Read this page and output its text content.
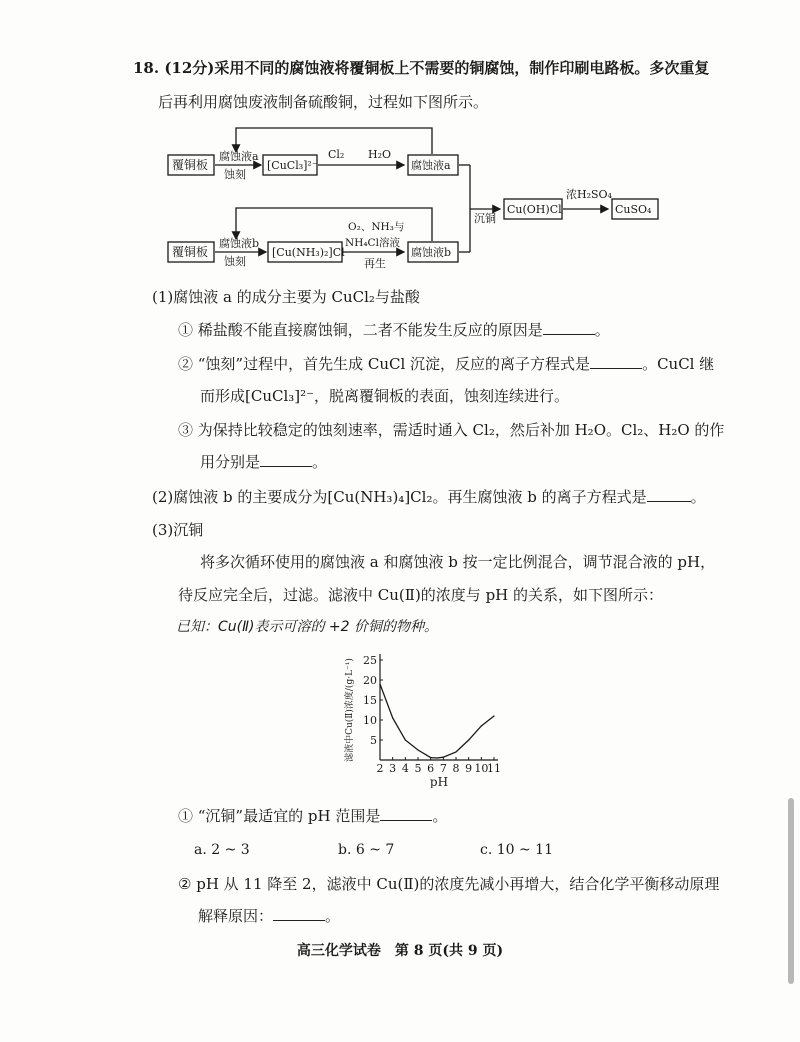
18. (12分)采用不同的腐蚀液将覆铜板上不需要的铜腐蚀，制作印刷电路板。多次重复
后再利用腐蚀废液制备硫酸铜，过程如下图所示。
覆铜板
腐蚀液a
蚀刻
[CuCl₃]²⁻
Cl₂ H₂O
腐蚀液a
沉铜
Cu(OH)Cl
浓H₂SO₄
CuSO₄
覆铜板
腐蚀液b
蚀刻
[Cu(NH₃)₂]Cl
O₂、NH₃与
NH₄Cl溶液
再生
腐蚀液b
(1)腐蚀液 a 的成分主要为 CuCl₂与盐酸
① 稀盐酸不能直接腐蚀铜，二者不能发生反应的原因是	。
② “蚀刻”过程中，首先生成 CuCl 沉淀，反应的离子方程式是	。CuCl 继
而形成[CuCl₃]²⁻，脱离覆铜板的表面，蚀刻连续进行。
③ 为保持比较稳定的蚀刻速率，需适时通入 Cl₂，然后补加 H₂O。Cl₂、H₂O 的作
用分别是	。
(2)腐蚀液 b 的主要成分为[Cu(NH₃)₄]Cl₂。再生腐蚀液 b 的离子方程式是	。
(3)沉铜
将多次循环使用的腐蚀液 a 和腐蚀液 b 按一定比例混合，调节混合液的 pH，
待反应完全后，过滤。滤液中 Cu(Ⅱ)的浓度与 pH 的关系，如下图所示：
已知：Cu(Ⅱ)表示可溶的 +2 价铜的物种。
5
10
15
20
25
2 3 4 5 6 7 8 9 10
11
pH
滤液中Cu(Ⅱ)浓度/(g·L⁻¹)
① “沉铜”最适宜的 pH 范围是	。
a. 2 ~ 3	b. 6 ~ 7	c. 10 ~ 11
② pH 从 11 降至 2，滤液中 Cu(Ⅱ)的浓度先减小再增大，结合化学平衡移动原理
解释原因：	。
高三化学试卷　第 8 页(共 9 页)
